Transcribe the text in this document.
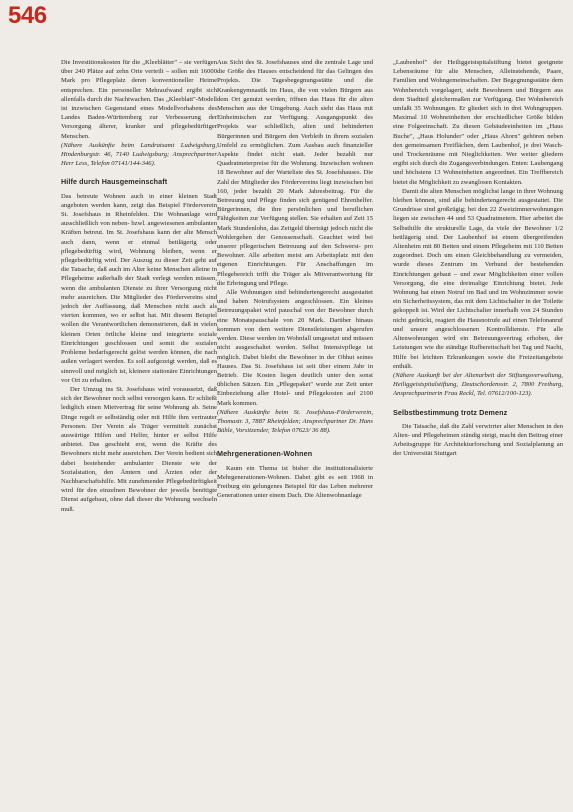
546

Die Investitionskosten für die „Kleeblätter" – sie verfügen über 240 Plätze auf zehn Orte verteilt – sollen mit 16000 Mark pro Pflegeplatz deren konventioneller Heime entsprechen. Ein personeller Mehraufwand ergibt sich allenfalls durch die Nachtwachen. Das „Kleeblatt"-Modell ist inzwischen Gegenstand eines Modellvorhabens des Landes Baden-Württemberg zur Verbesserung der Versorgung älterer, kranker und pflegebedürftiger Menschen.

(Nähere Auskünfte beim Landratsamt Ludwigsburg, Hindenburgstr. 46, 7140 Ludwigsburg; Ansprechpartner Herr Less, Telefon 07141/144-346).

Hilfe durch Hausgemeinschaft

Das betreute Wohnen auch in einer kleinen Stadt angeboten werden kann, zeigt das Beispiel Förderverein St. Josefshaus in Rheinfelden. Die Wohnanlage wird ausschließlich von neben- bzwl. angewiesenen ambulanten Kräften betreut. Im St. Josefshaus kann der alte Mensch auch dann, wenn er einmal bettlägerig oder pflegebedürftig wird, Wohnung bleiben, wenn er pflegebedürftig wird. Der Auszug zu dieser Zeit geht auf die Tatsache, daß auch im Alter keine Menschen alleine in Pflegeheime außerhalb der Stadt verlegt werden müssen, wenn die ambulanten Dienste zu ihrer Versorgung nicht mehr ausreichen. Die Mitglieder des Fördervereins sind jedoch der Auffassung, daß Menschen nicht auch als vierten kommen, wo er selbst hat. Mit diesem Beispiel wollen die Verantwortlichen demonstrieren, daß in vielen kleinen Orten örtliche kleine und integrierte soziale Einrichtungen geschlossen und somit die sozialen Probleme bedarfsgerecht gelöst werden können, die nach außen verlagert werden. Es soll aufgezeigt werden, daß es sinnvoll und möglich ist, kleinere stationäre Einrichtungen vor Ort zu erhalten.

Der Umzug ins St. Josefshaus wird voraussetzt, daß sich der Bewohner noch selbst versorgen kann. Er schließt lediglich einen Mietvertrag für seine Wohnung ab. Seine Dinge regelt er selbständig oder mit Hilfe ihm vertrauter Personen. Der Verein als Träger vermittelt zunächst auswärtige Hilfen und Helfer, hinter er selbst Hilfe anbietet. Das geschieht erst, wenn die Kräfte des Bewohners nicht mehr ausreichen. Der Verein bedient sich dabei bestehender ambulanter Dienste wie der Sozialstation, den Ämtern und Ärzten oder der Nachbarschaftshilfe. Mit zunehmender Pflegebedürftigkeit wird für den einzelnen Bewohner der jeweils benötigte Dienst aufgebaut, ohne daß dieser die Wohnung wechseln muß.

Aus Sicht des St. Josefshauses sind die zentrale Lage und die Größe des Hauses entscheidend für das Gelingen des Projekts. Die Tagesbegegnungsstätte und die Krankengymnastik im Haus, die von vielen Bürgern aus dem Ort genutzt werden, öffnen das Haus für die alten Menschen aus der Umgebung. Auch sieht das Haus mit Einheimischen zur Verfügung. Ausgangspunkt des Projekts war schließlich, alten und behinderten Bürgerinnen und Bürgern den Verbleib in ihrem sozialen Umfeld zu ermöglichen. Zum Ausbau auch finanzieller Aspekte findet nicht statt. Jeder bezahlt nur Quadratmeterpreise für die Wohnung. Inzwischen wohnen 18 Bewohner auf der Warteliste des St. Josefshauses. Die Zahl der Mitglieder des Fördervereins liegt inzwischen bei 160, jeder bezahlt 20 Mark Jahresbeitrag. Für die Betreuung und Pflege finden sich genügend Ehrenhelfer. Bürgerinnen, die ihre persönlichen und beruflichen Fähigkeiten zur Verfügung stellen. Sie erhalten auf Zeit 15 Mark Stundenlohn, das Zeitgeld überträgt jedoch nicht die Wohlergehen der Genossenschaft. Geachtet wird bei unserer pflegerischen Betreuung auf den Schwerst- pro Bewohner. Alle arbeiten meist am Arbeitsplatz mit den eigenen Einrichtungen. Für Anschaffungen im Pflegebereich trifft die Träger als Mitverantwortung für die Erbringung und Pflege.

Alle Wohnungen sind behindertengerecht ausgestattet und haben Notrufsystem angeschlossen. Ein kleines Betreuungspaket wird pauschal von der Bewohner durch eine Monatspauschale von 20 Mark. Darüber hinaus kommen von dem weitere Dienstleistungen abgerufen werden. Diese werden im Wohnfall umgesetzt und müssen nicht ausgeschaltet werden. Selbst Intensivpflege ist möglich. Dabei bleibt die Bewohner in der Obhut seines Hauses. Das St. Josefshaus ist seit über einem Jahr in Betrieb. Die Kosten liegen deutlich unter den sonst üblichen Sätzen. Ein „Pflegepaket" wurde zur Zeit unter Einbeziehung aller Hotel- und Pflegekosten auf 2100 Mark kommen.

(Nähere Auskünfte beim St. Josefshaus-Förderverein, Thomastr. 3, 7887 Rheinfelden; Ansprechpartner Dr. Hans Bühle, Vorsitzender, Telefon 07623/ 36 88).

Mehrgenerationen-Wohnen

Kaum ein Thema ist bisher die institutionalisierte Mehrgenerationen-Wohnen. Dabei gibt es seit 1968 in Freiburg ein gelungenes Beispiel für das Leben mehrerer Generationen unter einem Dach. Die Altenwohnanlage

„Laubenhof" der Heiliggeistspitalstiftung bietet geeignete Lebensräume für alte Menschen, Alleinstehende, Paare, Familien und Wohngemeinschaften. Der Begegnungsstätte dem Wohnbereich vorgelagert, steht Bewohnern und Bürgern aus dem Stadtteil gleichermaßen zur Verfügung. Der Wohnbereich umfaßt 35 Wohnungen. Er gliedert sich in drei Wohngruppen. Maximal 10 Wohneinheiten der erschiedlicher Größe bilden eine Folgeeinschaft. Zu diesen Gebäudeeinheiten im „Haus Buche", „Haus Holunder" oder „Haus Ahorn" gehören neben den gemeinsamen Freiflächen, dem Laubenhof, je drei Wasch- und Trockenräume mit Nieglichkeiten. Wer weiter gliedern ergibt sich durch die Zugangsverbindungen. Enten: Laubengang und höchstens 13 Wohneinheiten angeordnet. Ein Treffbereich bietet die Möglichkeit zu zwanglosen Kontakten.

Damit die alten Menschen möglichst lange in ihrer Wohnung bleiben können, sind alle behindertengerecht ausgestattet. Die Grundrisse sind großzügig; bei den 22 Zweizimmerwohnungen liegen sie zwischen 44 und 53 Quadratmetern. Hier arbeitet die Selbsthilfe die strukturelle Lage, da viele der Bewohner 1/2 bettlägerig sind. Der Laubenhof ist einem übergreifenden Altenheim mit 80 Betten und einem Pflegeheim mit 110 Betten zugeordnet. Doch um einen Gleichbehandlung zu vermeiden, wurde dieses Zentrum im Verbund der bestehenden Einrichtungen gebaut – und zwar Möglichkeiten einer vollen Versorgung, die eine dreimalige Einrichtung bietet. Jede Wohnung hat einen Notruf im Bad und im Wohnzimmer sowie ein Sicherheitssystem, das mit dem Lichtschalter in der Toilette gekoppelt ist. Wird der Lichtschalter innerhalb von 24 Stunden nicht gedrückt, reagiert die Hausnotrufe auf einen Telefonanruf und unsere angeschlossenen Kontrolldienste. Für alle Altenwohnungen wird ein Betreuungsvertrag erhoben, der Leistungen wie die ständige Rufbereitschaft bei Tag und Nacht, Hilfe bei leichten Erkrankungen sowie die Freizeitangebote enthält.

(Nähere Auskunft bei der Altenarbeit der Stiftungsverwaltung, Heiliggeistspitalstiftung, Deutschordensstr. 2, 7800 Freiburg, Ansprechpartnerin Frau Reckl, Tel. 07612/100-123).

Selbstbestimmung trotz Demenz

Die Tatsache, daß die Zahl verwirrter alter Menschen in den Alten- und Pflegeheimen ständig steigt, macht den Beitrag einer Arbeitsgruppe für Architekturforschung und Sozialplanung an der Universität Stuttgart
